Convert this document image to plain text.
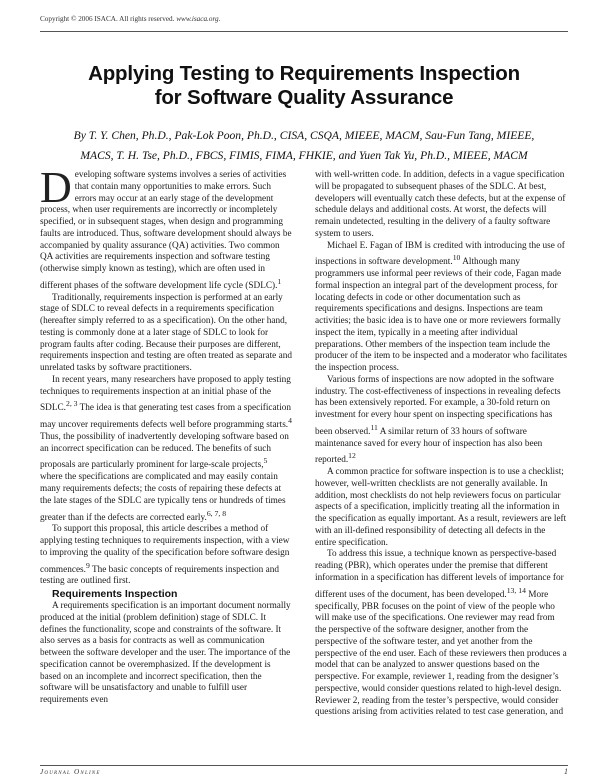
Copyright © 2006 ISACA. All rights reserved. www.isaca.org.
Applying Testing to Requirements Inspection
for Software Quality Assurance

By T. Y. Chen, Ph.D., Pak-Lok Poon, Ph.D., CISA, CSQA, MIEEE, MACM, Sau-Fun Tang, MIEEE,
MACS, T. H. Tse, Ph.D., FBCS, FIMIS, FIMA, FHKIE, and Yuen Tak Yu, Ph.D., MIEEE, MACM

Developing software systems involves a series of activities that contain many opportunities to make errors. Such errors may occur at an early stage of the development process, when user requirements are incorrectly or incompletely specified, or in subsequent stages, when design and programming faults are introduced. Thus, software development should always be accompanied by quality assurance (QA) activities. Two common QA activities are requirements inspection and software testing (otherwise simply known as testing), which are often used in different phases of the software development life cycle (SDLC).$^1$

Traditionally, requirements inspection is performed at an early stage of SDLC to reveal defects in a requirements specification (hereafter simply referred to as a specification). On the other hand, testing is commonly done at a later stage of SDLC to look for program faults after coding. Because their purposes are different, requirements inspection and testing are often treated as separate and unrelated tasks by software practitioners.

In recent years, many researchers have proposed to apply testing techniques to requirements inspection at an initial phase of the SDLC.$^{2, 3}$ The idea is that generating test cases from a specification may uncover requirements defects well before programming starts.$^4$ Thus, the possibility of inadvertently developing software based on an incorrect specification can be reduced. The benefits of such proposals are particularly prominent for large-scale projects,$^5$ where the specifications are complicated and may easily contain many requirements defects; the costs of repairing these defects at the late stages of the SDLC are typically tens or hundreds of times greater than if the defects are corrected early.$^{6, 7, 8}$

To support this proposal, this article describes a method of applying testing techniques to requirements inspection, with a view to improving the quality of the specification before software design commences.$^9$ The basic concepts of requirements inspection and testing are outlined first.

Requirements Inspection

A requirements specification is an important document normally produced at the initial (problem definition) stage of SDLC. It defines the functionality, scope and constraints of the software. It also serves as a basis for contracts as well as communication between the software developer and the user. The importance of the specification cannot be overemphasized. If the development is based on an incomplete and incorrect specification, then the software will be unsatisfactory and unable to fulfill user requirements even

with well-written code. In addition, defects in a vague specification will be propagated to subsequent phases of the SDLC. At best, developers will eventually catch these defects, but at the expense of schedule delays and additional costs. At worst, the defects will remain undetected, resulting in the delivery of a faulty software system to users.

Michael E. Fagan of IBM is credited with introducing the use of inspections in software development.$^{10}$ Although many programmers use informal peer reviews of their code, Fagan made formal inspection an integral part of the development process, for locating defects in code or other documentation such as requirements specifications and designs. Inspections are team activities; the basic idea is to have one or more reviewers formally inspect the item, typically in a meeting after individual preparations. Other members of the inspection team include the producer of the item to be inspected and a moderator who facilitates the inspection process.

Various forms of inspections are now adopted in the software industry. The cost-effectiveness of inspections in revealing defects has been extensively reported. For example, a 30-fold return on investment for every hour spent on inspecting specifications has been observed.$^{11}$ A similar return of 33 hours of software maintenance saved for every hour of inspection has also been reported.$^{12}$

A common practice for software inspection is to use a checklist; however, well-written checklists are not generally available. In addition, most checklists do not help reviewers focus on particular aspects of a specification, implicitly treating all the information in the specification as equally important. As a result, reviewers are left with an ill-defined responsibility of detecting all defects in the entire specification.

To address this issue, a technique known as perspective-based reading (PBR), which operates under the premise that different information in a specification has different levels of importance for different uses of the document, has been developed.$^{13, 14}$ More specifically, PBR focuses on the point of view of the people who will make use of the specifications. One reviewer may read from the perspective of the software designer, another from the perspective of the software tester, and yet another from the perspective of the end user. Each of these reviewers then produces a model that can be analyzed to answer questions based on the perspective. For example, reviewer 1, reading from the designer’s perspective, would consider questions related to high-level design. Reviewer 2, reading from the tester’s perspective, would consider questions arising from activities related to test case generation, and

Journal Online	1
